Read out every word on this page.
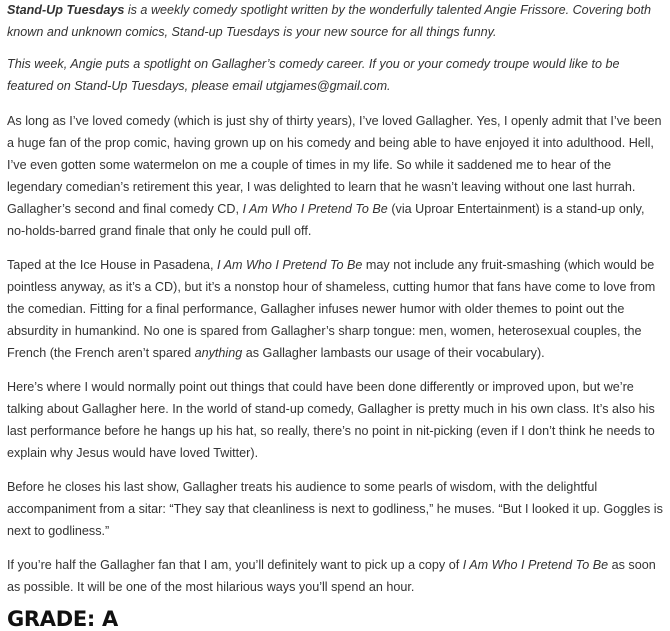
Stand-Up Tuesdays is a weekly comedy spotlight written by the wonderfully talented Angie Frissore. Covering both known and unknown comics, Stand-up Tuesdays is your new source for all things funny.

This week, Angie puts a spotlight on Gallagher’s comedy career. If you or your comedy troupe would like to be featured on Stand-Up Tuesdays, please email utgjames@gmail.com.

As long as I’ve loved comedy (which is just shy of thirty years), I’ve loved Gallagher. Yes, I openly admit that I’ve been a huge fan of the prop comic, having grown up on his comedy and being able to have enjoyed it into adulthood. Hell, I’ve even gotten some watermelon on me a couple of times in my life. So while it saddened me to hear of the legendary comedian’s retirement this year, I was delighted to learn that he wasn’t leaving without one last hurrah. Gallagher’s second and final comedy CD, I Am Who I Pretend To Be (via Uproar Entertainment) is a stand-up only, no-holds-barred grand finale that only he could pull off.

Taped at the Ice House in Pasadena, I Am Who I Pretend To Be may not include any fruit-smashing (which would be pointless anyway, as it’s a CD), but it’s a nonstop hour of shameless, cutting humor that fans have come to love from the comedian. Fitting for a final performance, Gallagher infuses newer humor with older themes to point out the absurdity in humankind. No one is spared from Gallagher’s sharp tongue: men, women, heterosexual couples, the French (the French aren’t spared anything as Gallagher lambasts our usage of their vocabulary).

Here’s where I would normally point out things that could have been done differently or improved upon, but we’re talking about Gallagher here. In the world of stand-up comedy, Gallagher is pretty much in his own class. It’s also his last performance before he hangs up his hat, so really, there’s no point in nit-picking (even if I don’t think he needs to explain why Jesus would have loved Twitter).

Before he closes his last show, Gallagher treats his audience to some pearls of wisdom, with the delightful accompaniment from a sitar: “They say that cleanliness is next to godliness,” he muses. “But I looked it up. Goggles is next to godliness.”

If you’re half the Gallagher fan that I am, you’ll definitely want to pick up a copy of I Am Who I Pretend To Be as soon as possible. It will be one of the most hilarious ways you’ll spend an hour.

GRADE: A
